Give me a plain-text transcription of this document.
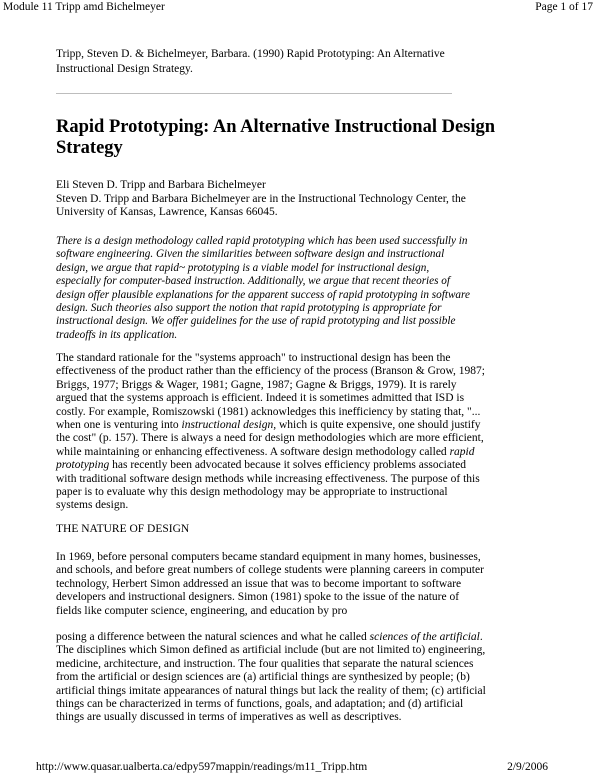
Module 11 Tripp amd Bichelmeyer	Page 1 of 17
Tripp, Steven D. & Bichelmeyer, Barbara. (1990) Rapid Prototyping: An Alternative
Instructional Design Strategy.
Rapid Prototyping: An Alternative Instructional Design
Strategy
Eli Steven D. Tripp and Barbara Bichelmeyer
Steven D. Tripp and Barbara Bichelmeyer are in the Instructional Technology Center, the
University of Kansas, Lawrence, Kansas 66045.
There is a design methodology called rapid prototyping which has been used successfully in
software engineering. Given the similarities between software design and instructional
design, we argue that rapid~ prototyping is a viable model for instructional design,
especially for computer-based instruction. Additionally, we argue that recent theories of
design offer plausible explanations for the apparent success of rapid prototyping in software
design. Such theories also support the notion that rapid prototyping is appropriate for
instructional design. We offer guidelines for the use of rapid prototyping and list possible
tradeoffs in its application.
The standard rationale for the "systems approach" to instructional design has been the
effectiveness of the product rather than the efficiency of the process (Branson & Grow, 1987;
Briggs, 1977; Briggs & Wager, 1981; Gagne, 1987; Gagne & Briggs, 1979). It is rarely
argued that the systems approach is efficient. Indeed it is sometimes admitted that ISD is
costly. For example, Romiszowski (1981) acknowledges this inefficiency by stating that, "...
when one is venturing into instructional design, which is quite expensive, one should justify
the cost" (p. 157). There is always a need for design methodologies which are more efficient,
while maintaining or enhancing effectiveness. A software design methodology called rapid
prototyping has recently been advocated because it solves efficiency problems associated
with traditional software design methods while increasing effectiveness. The purpose of this
paper is to evaluate why this design methodology may be appropriate to instructional
systems design.
THE NATURE OF DESIGN
In 1969, before personal computers became standard equipment in many homes, businesses,
and schools, and before great numbers of college students were planning careers in computer
technology, Herbert Simon addressed an issue that was to become important to software
developers and instructional designers. Simon (1981) spoke to the issue of the nature of
fields like computer science, engineering, and education by pro
posing a difference between the natural sciences and what he called sciences of the artificial.
The disciplines which Simon defined as artificial include (but are not limited to) engineering,
medicine, architecture, and instruction. The four qualities that separate the natural sciences
from the artificial or design sciences are (a) artificial things are synthesized by people; (b)
artificial things imitate appearances of natural things but lack the reality of them; (c) artificial
things can be characterized in terms of functions, goals, and adaptation; and (d) artificial
things are usually discussed in terms of imperatives as well as descriptives.
http://www.quasar.ualberta.ca/edpy597mappin/readings/m11_Tripp.htm	2/9/2006
